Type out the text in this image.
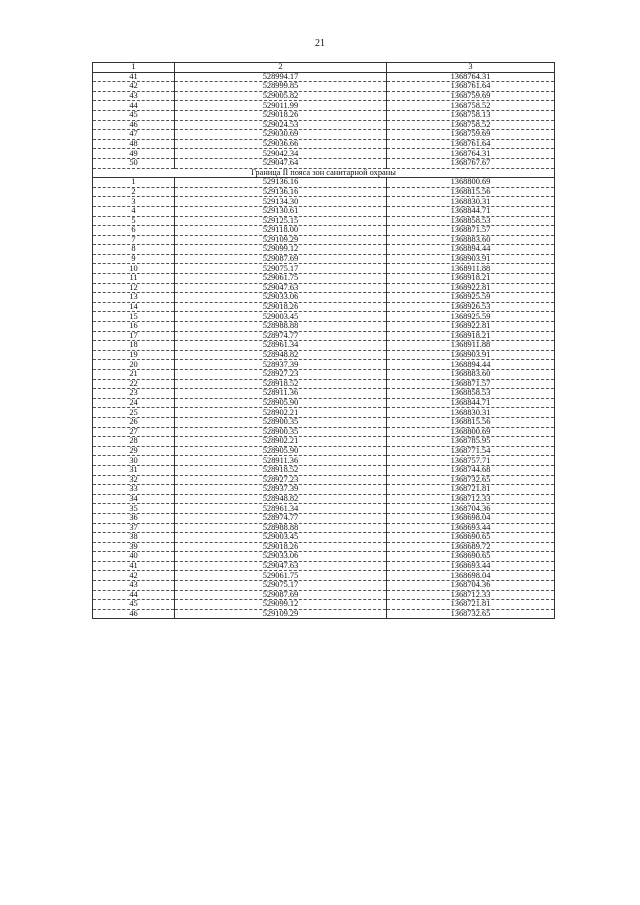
21
1	2	3
41	528994.17	1368764.31
42	528999.85	1368761.64
43	529005.82	1368759.69
44	529011.99	1368758.52
45	529018.26	1368758.13
46	529024.53	1368758.52
47	529030.69	1368759.69
48	529036.66	1368761.64
49	529042.34	1368764.31
50	529047.64	1368767.67
Граница II пояса зон санитарной охраны		
1	529136.16	1368800.69
2	529136.16	1368815.56
3	529134.30	1368830.31
4	529130.61	1368844.71
5	529125.15	1368858.53
6	529118.00	1368871.57
7	529109.29	1368883.60
8	529099.12	1368894.44
9	529087.69	1368903.91
10	529075.17	1368911.88
11	529061.75	1368918.21
12	529047.63	1368922.81
13	529033.06	1368925.59
14	529018.26	1368926.53
15	529003.45	1368925.59
16	528988.88	1368922.81
17	528974.77	1368918.21
18	528961.34	1368911.88
19	528948.82	1368903.91
20	528937.39	1368894.44
21	528927.23	1368883.60
22	528918.52	1368871.57
23	528911.36	1368858.53
24	528905.90	1368844.71
25	528902.21	1368830.31
26	528900.35	1368815.56
27	528900.35	1368800.69
28	528902.21	1368785.95
29	528905.90	1368771.54
30	528911.36	1368757.71
31	528918.52	1368744.68
32	528927.23	1368732.65
33	528937.39	1368721.81
34	528948.82	1368712.33
35	528961.34	1368704.36
36	528974.77	1368698.04
37	528988.88	1368693.44
38	529003.45	1368690.65
39	529018.26	1368689.72
40	529033.06	1368690.65
41	529047.63	1368693.44
42	529061.75	1368698.04
43	529075.17	1368704.36
44	529087.69	1368712.33
45	529099.12	1368721.81
46	529109.29	1368732.65
